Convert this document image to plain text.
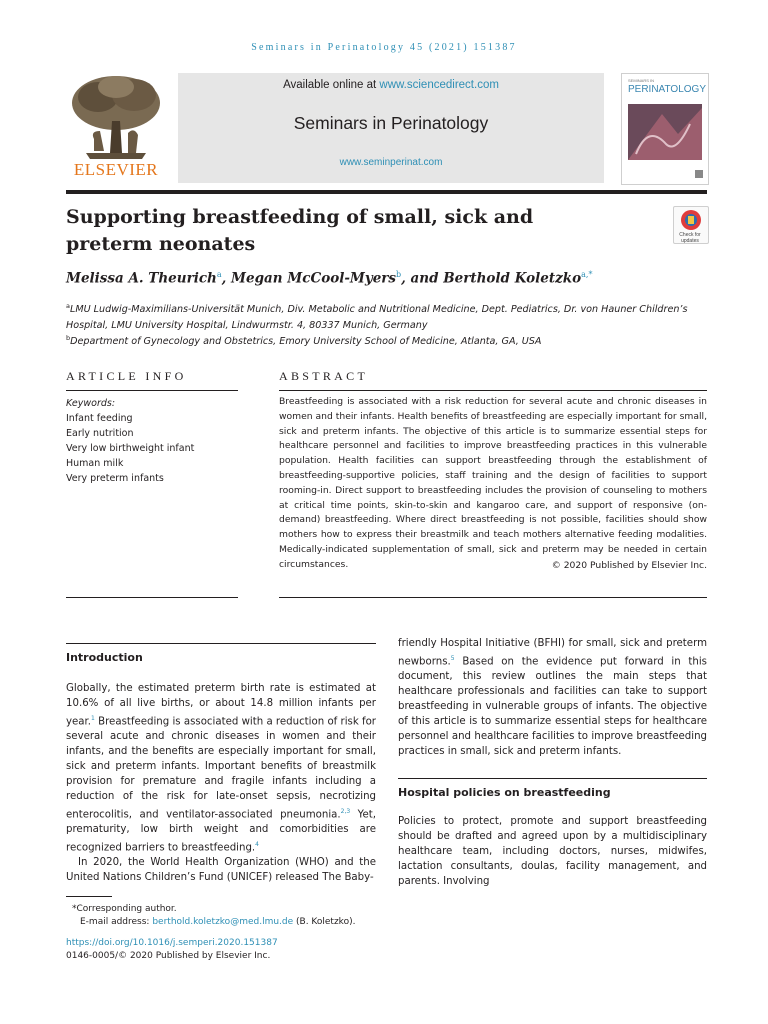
Seminars in Perinatology 45 (2021) 151387
ELSEVIER
Available online at www.sciencedirect.com
Seminars in Perinatology
www.seminperinat.com
SEMINARS IN
PERINATOLOGY
Supporting breastfeeding of small, sick and preterm neonates	Check for updates
Melissa A. Theurich$^a$, Megan McCool-Myers$^b$, and Berthold Koletzko$^{a,*}$
$^a$LMU Ludwig-Maximilians-Universität Munich, Div. Metabolic and Nutritional Medicine, Dept. Pediatrics, Dr. von Hauner Children’s Hospital, LMU University Hospital, Lindwurmstr. 4, 80337 Munich, Germany
$^b$Department of Gynecology and Obstetrics, Emory University School of Medicine, Atlanta, GA, USA
ARTICLE INFO	ABSTRACT
Keywords:
Infant feeding
Early nutrition
Very low birthweight infant
Human milk
Very preterm infants
Breastfeeding is associated with a risk reduction for several acute and chronic diseases in women and their infants. Health benefits of breastfeeding are especially important for small, sick and preterm infants. The objective of this article is to summarize essential steps for healthcare personnel and facilities to improve breastfeeding practices in this vulnerable population. Health facilities can support breastfeeding through the establishment of breastfeeding-supportive policies, staff training and the design of facilities to support rooming-in. Direct support to breastfeeding includes the provision of counseling to mothers at critical time points, skin-to-skin and kangaroo care, and support of responsive (on-demand) breastfeeding. Where direct breastfeeding is not possible, facilities should show mothers how to express their breastmilk and teach mothers alternative feeding modalities. Medically-indicated supplementation of small, sick and preterm may be needed in certain circumstances.	© 2020 Published by Elsevier Inc.
Introduction

Globally, the estimated preterm birth rate is estimated at 10.6% of all live births, or about 14.8 million infants per year.$^1$ Breastfeeding is associated with a reduction of risk for several acute and chronic diseases in women and their infants, and the benefits are especially important for small, sick and preterm infants. Important benefits of breastmilk provision for premature and fragile infants including a reduction of the risk for late-onset sepsis, necrotizing enterocolitis, and ventilator-associated pneumonia.$^{2,3}$ Yet, prematurity, low birth weight and comorbidities are recognized barriers to breastfeeding.$^4$

In 2020, the World Health Organization (WHO) and the United Nations Children’s Fund (UNICEF) released The Baby-

friendly Hospital Initiative (BFHI) for small, sick and preterm newborns.$^5$ Based on the evidence put forward in this document, this review outlines the main steps that healthcare professionals and facilities can take to support breastfeeding in vulnerable groups of infants. The objective of this article is to summarize essential steps for healthcare personnel and healthcare facilities to improve breastfeeding practices in small, sick and preterm infants.

Hospital policies on breastfeeding
Policies to protect, promote and support breastfeeding should be drafted and agreed upon by a multidisciplinary healthcare team, including doctors, nurses, midwifes, lactation consultants, doulas, facility management, and parents. Involving
*Corresponding author.
E-mail address: berthold.koletzko@med.lmu.de (B. Koletzko).
https://doi.org/10.1016/j.semperi.2020.151387
0146-0005/© 2020 Published by Elsevier Inc.
